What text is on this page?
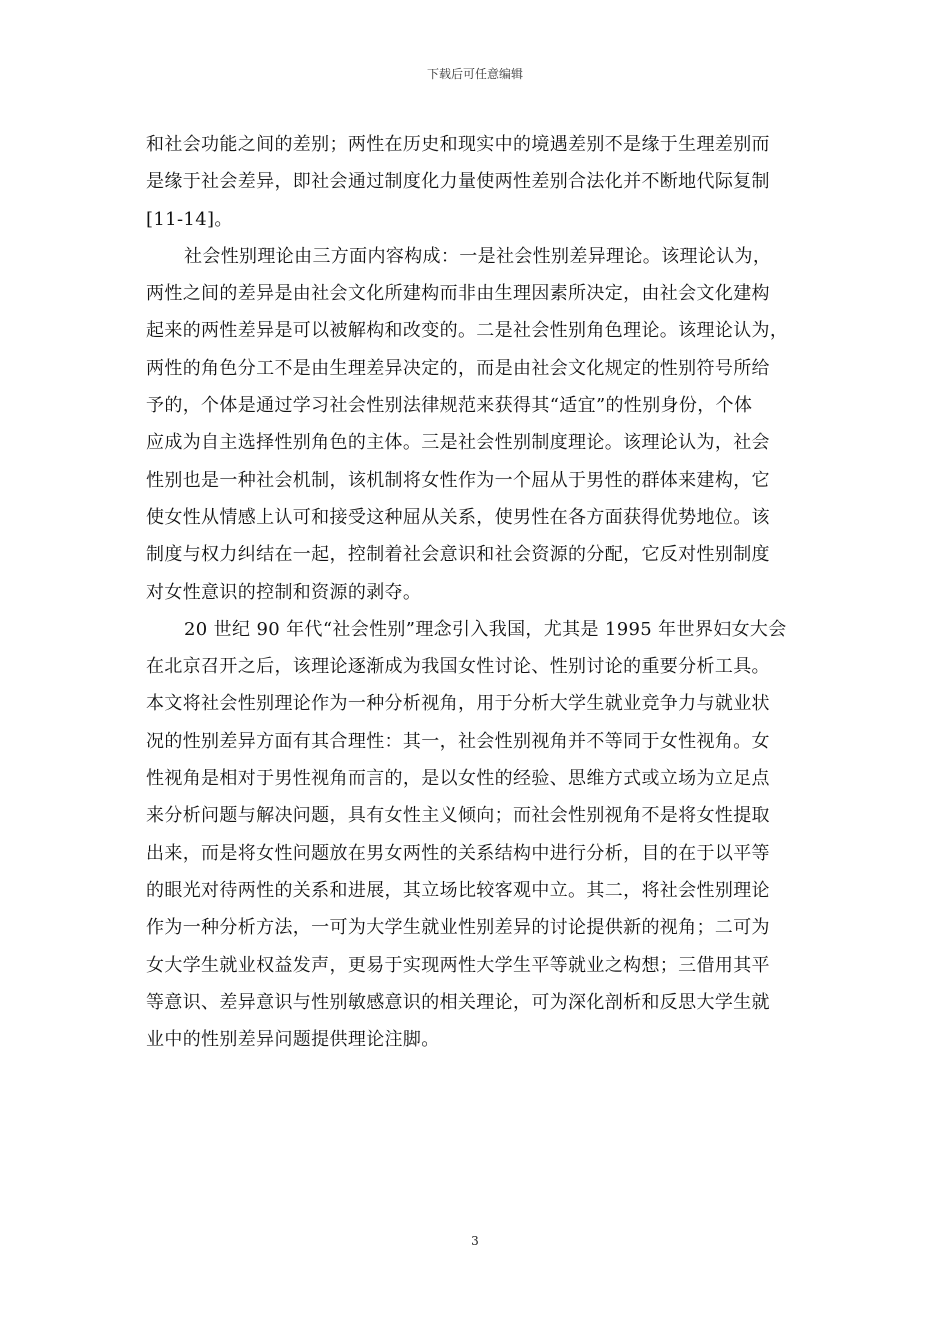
下载后可任意编辑
和社会功能之间的差别；两性在历史和现实中的境遇差别不是缘于生理差别而
是缘于社会差异，即社会通过制度化力量使两性差别合法化并不断地代际复制
[11-14]。
社会性别理论由三方面内容构成：一是社会性别差异理论。该理论认为，
两性之间的差异是由社会文化所建构而非由生理因素所决定，由社会文化建构
起来的两性差异是可以被解构和改变的。二是社会性别角色理论。该理论认为，
两性的角色分工不是由生理差异决定的，而是由社会文化规定的性别符号所给
予的，个体是通过学习社会性别法律规范来获得其“适宜”的性别身份，个体
应成为自主选择性别角色的主体。三是社会性别制度理论。该理论认为，社会
性别也是一种社会机制，该机制将女性作为一个屈从于男性的群体来建构，它
使女性从情感上认可和接受这种屈从关系，使男性在各方面获得优势地位。该
制度与权力纠结在一起，控制着社会意识和社会资源的分配，它反对性别制度
对女性意识的控制和资源的剥夺。
20 世纪 90 年代“社会性别”理念引入我国，尤其是 1995 年世界妇女大会
在北京召开之后，该理论逐渐成为我国女性讨论、性别讨论的重要分析工具。
本文将社会性别理论作为一种分析视角，用于分析大学生就业竞争力与就业状
况的性别差异方面有其合理性：其一，社会性别视角并不等同于女性视角。女
性视角是相对于男性视角而言的，是以女性的经验、思维方式或立场为立足点
来分析问题与解决问题，具有女性主义倾向；而社会性别视角不是将女性提取
出来，而是将女性问题放在男女两性的关系结构中进行分析，目的在于以平等
的眼光对待两性的关系和进展，其立场比较客观中立。其二，将社会性别理论
作为一种分析方法，一可为大学生就业性别差异的讨论提供新的视角；二可为
女大学生就业权益发声，更易于实现两性大学生平等就业之构想；三借用其平
等意识、差异意识与性别敏感意识的相关理论，可为深化剖析和反思大学生就
业中的性别差异问题提供理论注脚。
3
